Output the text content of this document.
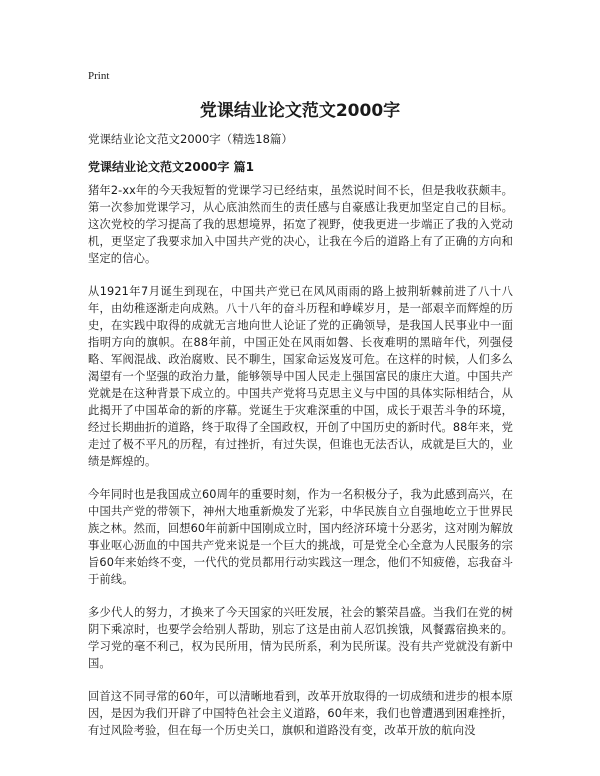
Print
党课结业论文范文2000字

党课结业论文范文2000字（精选18篇）

党课结业论文范文2000字 篇1

猪年2-xx年的今天我短暂的党课学习已经结束，虽然说时间不长，但是我收获颇丰。第一次参加党课学习，从心底油然而生的责任感与自豪感让我更加坚定自己的目标。这次党校的学习提高了我的思想境界，拓宽了视野，使我更进一步端正了我的入党动机，更坚定了我要求加入中国共产党的决心，让我在今后的道路上有了正确的方向和坚定的信心。

从1921年7月诞生到现在，中国共产党已在风风雨雨的路上披荆斩棘前进了八十八年，由幼稚逐渐走向成熟。八十八年的奋斗历程和峥嵘岁月，是一部艰辛而辉煌的历史，在实践中取得的成就无言地向世人论证了党的正确领导，是我国人民事业中一面指明方向的旗帜。在88年前，中国正处在风雨如磐、长夜难明的黑暗年代，列强侵略、军阀混战、政治腐败、民不聊生，国家命运岌岌可危。在这样的时候，人们多么渴望有一个坚强的政治力量，能够领导中国人民走上强国富民的康庄大道。中国共产党就是在这种背景下成立的。中国共产党将马克思主义与中国的具体实际相结合，从此揭开了中国革命的新的序幕。党诞生于灾难深重的中国，成长于艰苦斗争的环境，经过长期曲折的道路，终于取得了全国政权，开创了中国历史的新时代。88年来，党走过了极不平凡的历程，有过挫折，有过失误，但谁也无法否认，成就是巨大的，业绩是辉煌的。

今年同时也是我国成立60周年的重要时刻，作为一名积极分子，我为此感到高兴，在中国共产党的带领下，神州大地重新焕发了光彩，中华民族自立自强地屹立于世界民族之林。然而，回想60年前新中国刚成立时，国内经济环境十分恶劣，这对刚为解放事业呕心沥血的中国共产党来说是一个巨大的挑战，可是党全心全意为人民服务的宗旨60年来始终不变，一代代的党员都用行动实践这一理念，他们不知疲倦，忘我奋斗于前线。

多少代人的努力，才换来了今天国家的兴旺发展，社会的繁荣昌盛。当我们在党的树阴下乘凉时，也要学会给别人帮助，别忘了这是由前人忍饥挨饿，风餐露宿换来的。学习党的毫不利己，权为民所用，情为民所系，利为民所谋。没有共产党就没有新中国。

回首这不同寻常的60年，可以清晰地看到，改革开放取得的一切成绩和进步的根本原因，是因为我们开辟了中国特色社会主义道路，60年来，我们也曾遭遇到困难挫折，有过风险考验，但在每一个历史关口，旗帜和道路没有变，改革开放的航向没
